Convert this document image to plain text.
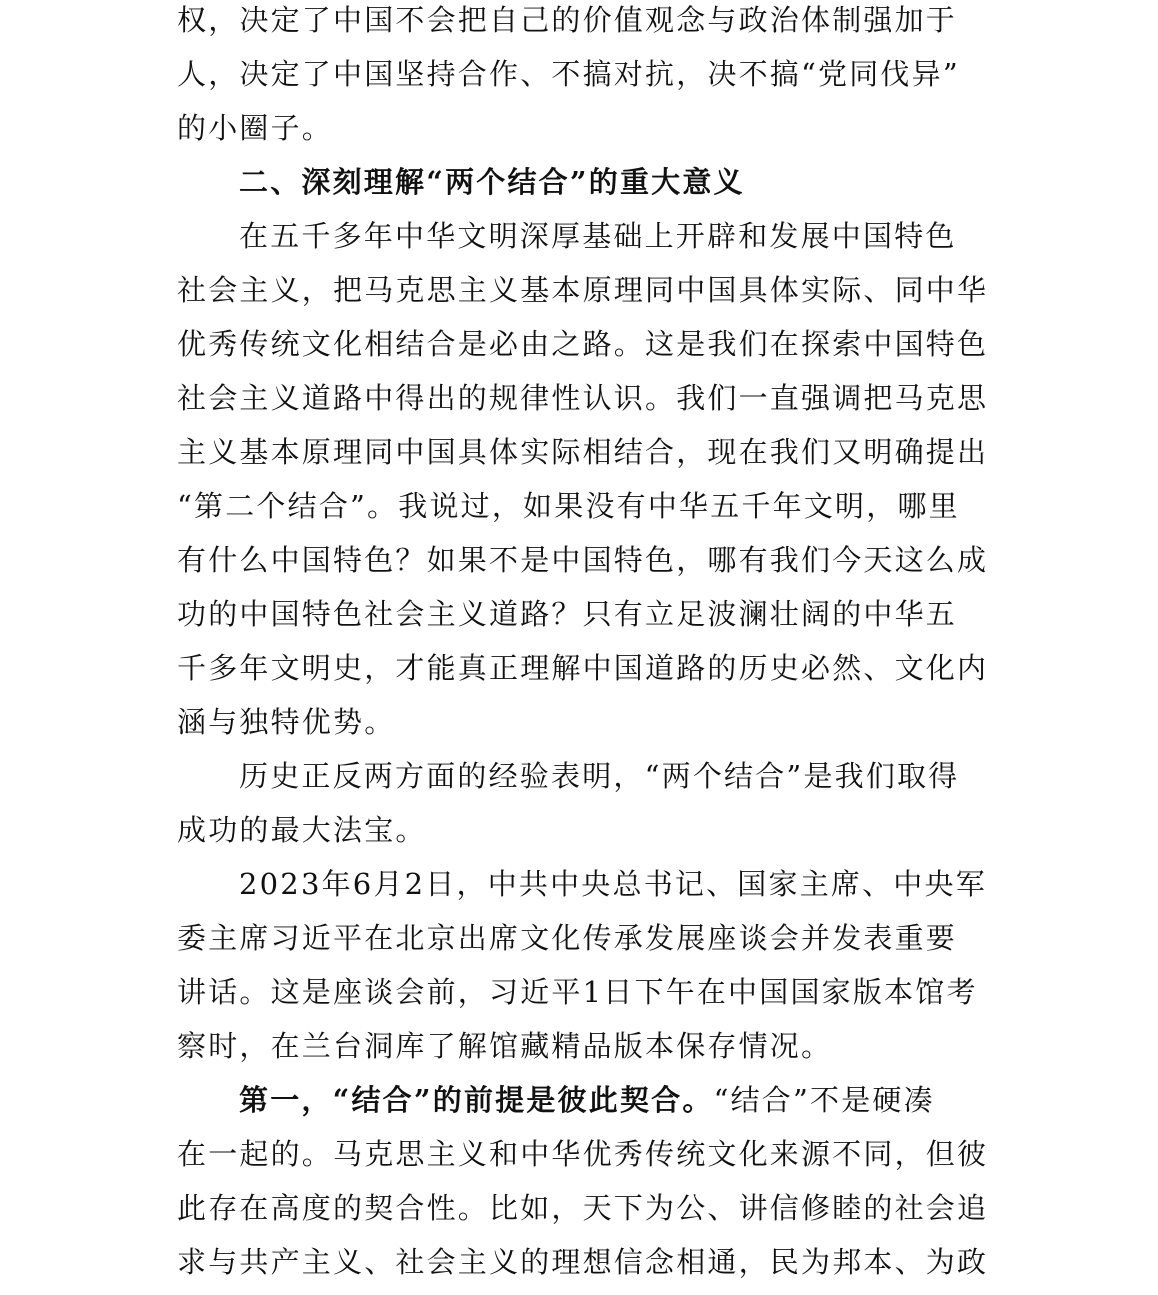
权，决定了中国不会把自己的价值观念与政治体制强加于
人，决定了中国坚持合作、不搞对抗，决不搞“党同伐异”
的小圈子。
二、深刻理解“两个结合”的重大意义
在五千多年中华文明深厚基础上开辟和发展中国特色
社会主义，把马克思主义基本原理同中国具体实际、同中华
优秀传统文化相结合是必由之路。这是我们在探索中国特色
社会主义道路中得出的规律性认识。我们一直强调把马克思
主义基本原理同中国具体实际相结合，现在我们又明确提出
“第二个结合”。我说过，如果没有中华五千年文明，哪里
有什么中国特色？如果不是中国特色，哪有我们今天这么成
功的中国特色社会主义道路？只有立足波澜壮阔的中华五
千多年文明史，才能真正理解中国道路的历史必然、文化内
涵与独特优势。
历史正反两方面的经验表明，“两个结合”是我们取得
成功的最大法宝。
2023年6月2日，中共中央总书记、国家主席、中央军
委主席习近平在北京出席文化传承发展座谈会并发表重要
讲话。这是座谈会前，习近平1日下午在中国国家版本馆考
察时，在兰台洞库了解馆藏精品版本保存情况。
第一，“结合”的前提是彼此契合。“结合”不是硬凑
在一起的。马克思主义和中华优秀传统文化来源不同，但彼
此存在高度的契合性。比如，天下为公、讲信修睦的社会追
求与共产主义、社会主义的理想信念相通，民为邦本、为政
